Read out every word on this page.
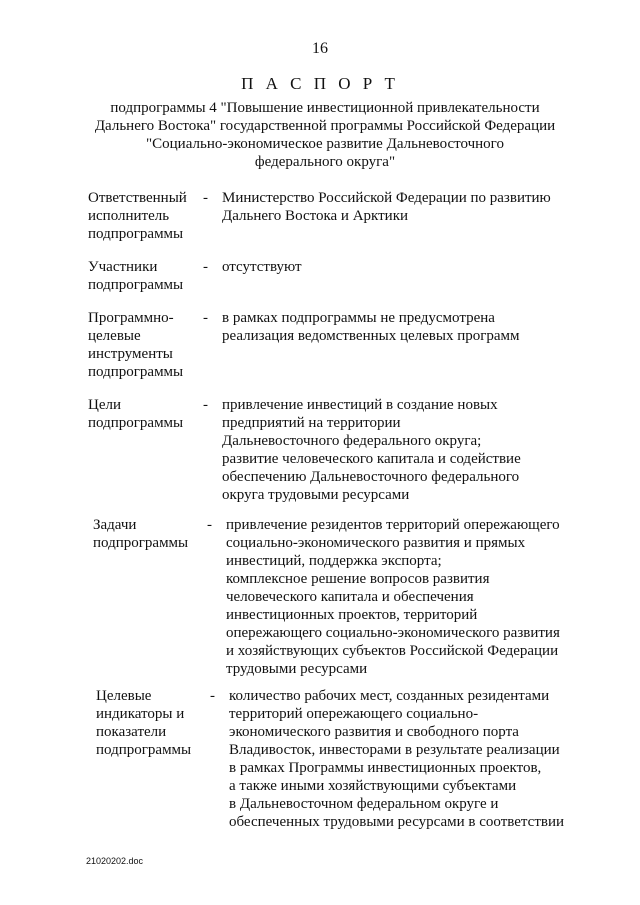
16
П А С П О Р Т
подпрограммы 4 "Повышение инвестиционной привлекательности
Дальнего Востока" государственной программы Российской Федерации
"Социально-экономическое развитие Дальневосточного
федерального округа"
Ответственный
исполнитель
подпрограммы
- Министерство Российской Федерации по развитию
Дальнего Востока и Арктики
Участники
подпрограммы
- отсутствуют
Программно-
целевые
инструменты
подпрограммы
- в рамках подпрограммы не предусмотрена
реализация ведомственных целевых программ
Цели
подпрограммы
- привлечение инвестиций в создание новых
предприятий на территории
Дальневосточного федерального округа;
развитие человеческого капитала и содействие
обеспечению Дальневосточного федерального
округа трудовыми ресурсами
Задачи
подпрограммы
- привлечение резидентов территорий опережающего
социально-экономического развития и прямых
инвестиций, поддержка экспорта;
комплексное решение вопросов развития
человеческого капитала и обеспечения
инвестиционных проектов, территорий
опережающего социально-экономического развития
и хозяйствующих субъектов Российской Федерации
трудовыми ресурсами
Целевые
индикаторы и
показатели
подпрограммы
- количество рабочих мест, созданных резидентами
территорий опережающего социально-
экономического развития и свободного порта
Владивосток, инвесторами в результате реализации
в рамках Программы инвестиционных проектов,
а также иными хозяйствующими субъектами
в Дальневосточном федеральном округе и
обеспеченных трудовыми ресурсами в соответствии
21020202.doc
